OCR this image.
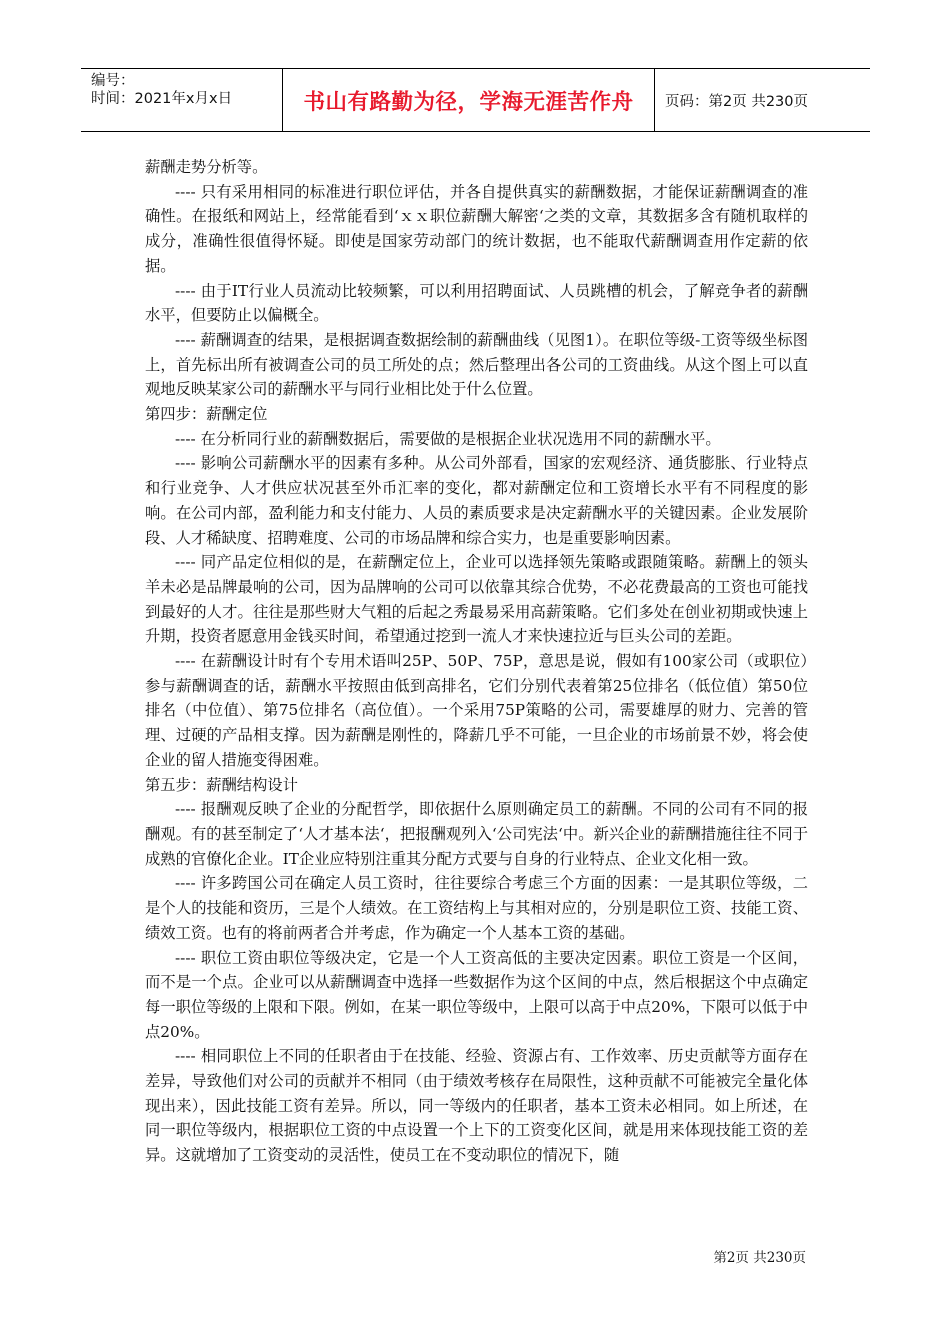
编号：
时间：2021年x月x日	书山有路勤为径，学海无涯苦作舟 页码：第2页 共230页

薪酬走势分析等。

---- 只有采用相同的标准进行职位评估，并各自提供真实的薪酬数据，才能保证薪酬调查的准确性。在报纸和网站上，经常能看到‘ｘｘ职位薪酬大解密‘之类的文章，其数据多含有随机取样的成分，准确性很值得怀疑。即使是国家劳动部门的统计数据，也不能取代薪酬调查用作定薪的依据。

---- 由于IT行业人员流动比较频繁，可以利用招聘面试、人员跳槽的机会，了解竞争者的薪酬水平，但要防止以偏概全。

---- 薪酬调查的结果，是根据调查数据绘制的薪酬曲线（见图1）。在职位等级-工资等级坐标图上，首先标出所有被调查公司的员工所处的点；然后整理出各公司的工资曲线。从这个图上可以直观地反映某家公司的薪酬水平与同行业相比处于什么位置。

第四步：薪酬定位

---- 在分析同行业的薪酬数据后，需要做的是根据企业状况选用不同的薪酬水平。

---- 影响公司薪酬水平的因素有多种。从公司外部看，国家的宏观经济、通货膨胀、行业特点和行业竞争、人才供应状况甚至外币汇率的变化，都对薪酬定位和工资增长水平有不同程度的影响。在公司内部，盈利能力和支付能力、人员的素质要求是决定薪酬水平的关键因素。企业发展阶段、人才稀缺度、招聘难度、公司的市场品牌和综合实力，也是重要影响因素。

---- 同产品定位相似的是，在薪酬定位上，企业可以选择领先策略或跟随策略。薪酬上的领头羊未必是品牌最响的公司，因为品牌响的公司可以依靠其综合优势，不必花费最高的工资也可能找到最好的人才。往往是那些财大气粗的后起之秀最易采用高薪策略。它们多处在创业初期或快速上升期，投资者愿意用金钱买时间，希望通过挖到一流人才来快速拉近与巨头公司的差距。

---- 在薪酬设计时有个专用术语叫25P、50P、75P，意思是说，假如有100家公司（或职位）参与薪酬调查的话，薪酬水平按照由低到高排名，它们分别代表着第25位排名（低位值）第50位排名（中位值）、第75位排名（高位值）。一个采用75P策略的公司，需要雄厚的财力、完善的管理、过硬的产品相支撑。因为薪酬是刚性的，降薪几乎不可能，一旦企业的市场前景不妙，将会使企业的留人措施变得困难。

第五步：薪酬结构设计

---- 报酬观反映了企业的分配哲学，即依据什么原则确定员工的薪酬。不同的公司有不同的报酬观。有的甚至制定了‘人才基本法‘，把报酬观列入‘公司宪法‘中。新兴企业的薪酬措施往往不同于成熟的官僚化企业。IT企业应特别注重其分配方式要与自身的行业特点、企业文化相一致。

---- 许多跨国公司在确定人员工资时，往往要综合考虑三个方面的因素：一是其职位等级，二是个人的技能和资历，三是个人绩效。在工资结构上与其相对应的，分别是职位工资、技能工资、绩效工资。也有的将前两者合并考虑，作为确定一个人基本工资的基础。

---- 职位工资由职位等级决定，它是一个人工资高低的主要决定因素。职位工资是一个区间，而不是一个点。企业可以从薪酬调查中选择一些数据作为这个区间的中点，然后根据这个中点确定每一职位等级的上限和下限。例如，在某一职位等级中，上限可以高于中点20%，下限可以低于中点20%。

---- 相同职位上不同的任职者由于在技能、经验、资源占有、工作效率、历史贡献等方面存在差异，导致他们对公司的贡献并不相同（由于绩效考核存在局限性，这种贡献不可能被完全量化体现出来），因此技能工资有差异。所以，同一等级内的任职者，基本工资未必相同。如上所述，在同一职位等级内，根据职位工资的中点设置一个上下的工资变化区间，就是用来体现技能工资的差异。这就增加了工资变动的灵活性，使员工在不变动职位的情况下，随

第2页 共230页
